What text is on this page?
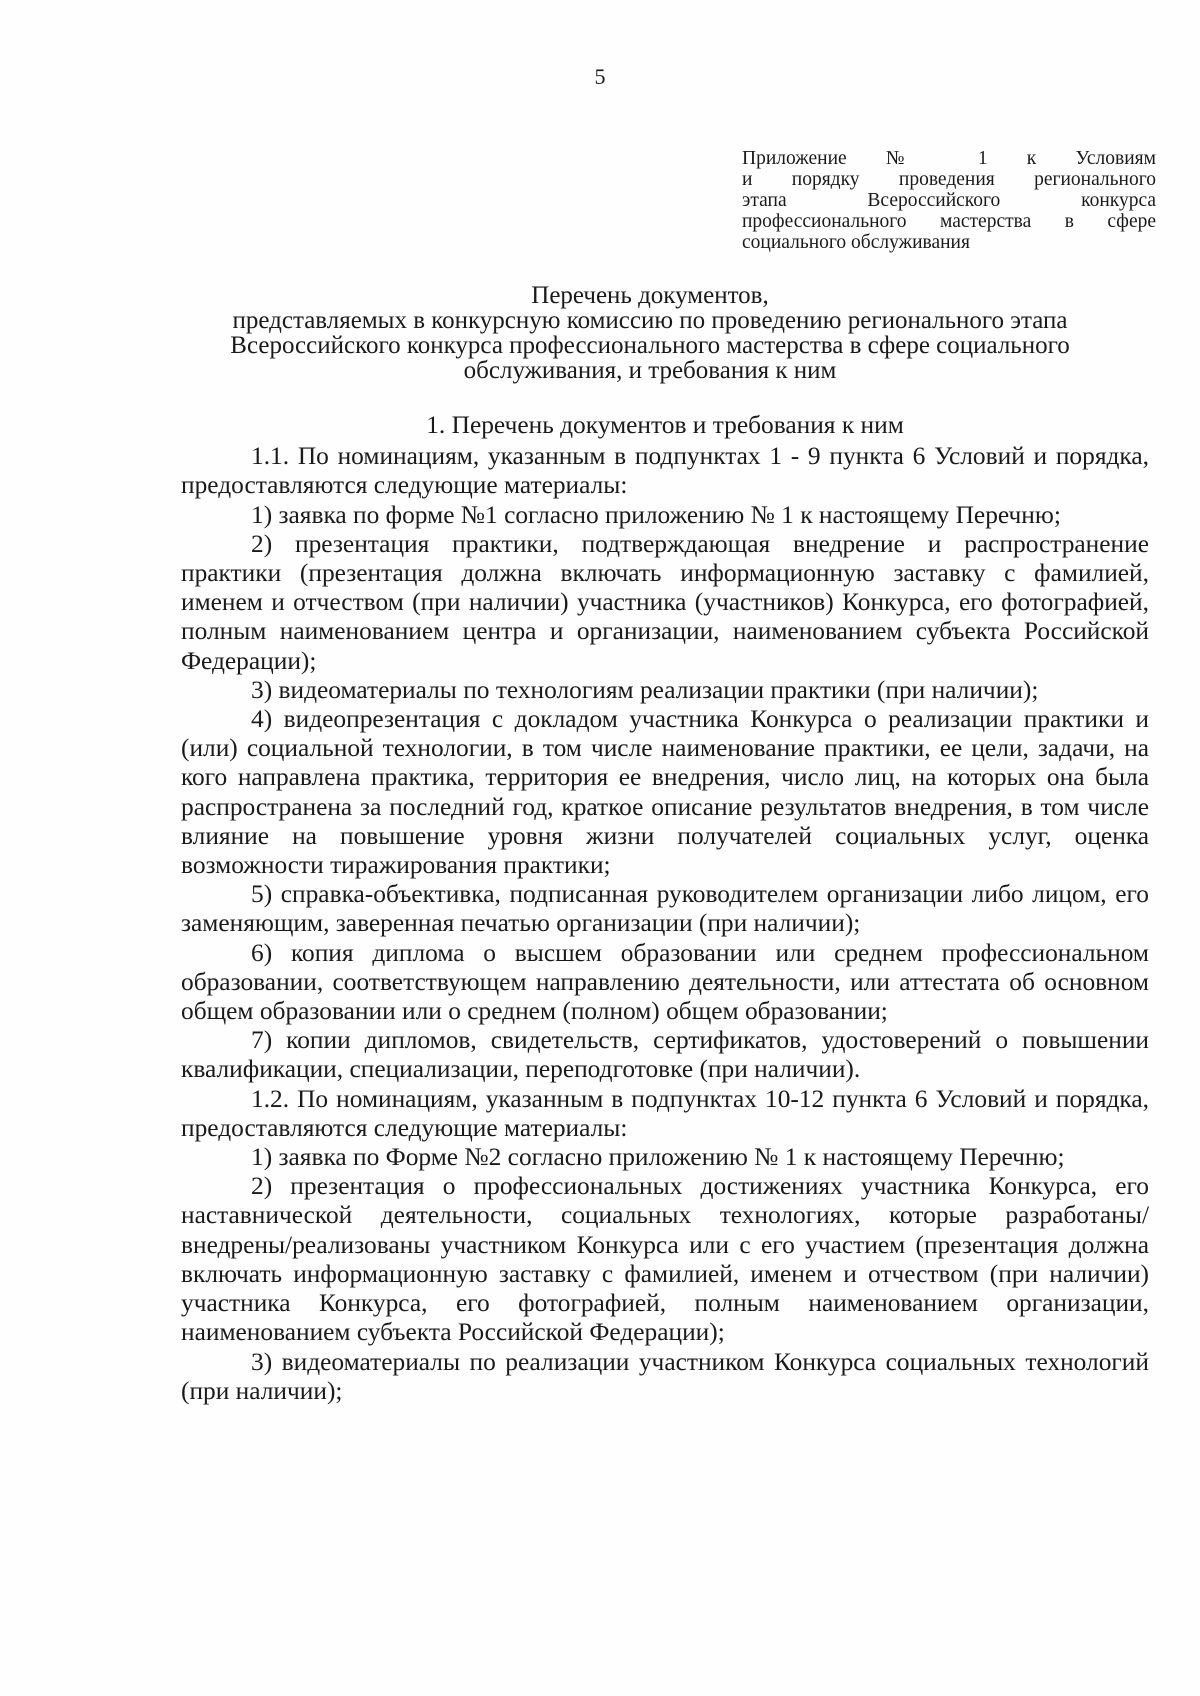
5
Приложение № 1 к Условиям
и порядку проведения регионального
этапа Всероссийского конкурса
профессионального мастерства в сфере
социального обслуживания
Перечень документов,
представляемых в конкурсную комиссию по проведению регионального этапа
Всероссийского конкурса профессионального мастерства в сфере социального
обслуживания, и требования к ним
1. Перечень документов и требования к ним

1.1. По номинациям, указанным в подпунктах 1 - 9 пункта 6 Условий и порядка, предоставляются следующие материалы:

1) заявка по форме №1 согласно приложению № 1 к настоящему Перечню;

2) презентация практики, подтверждающая внедрение и распространение практики (презентация должна включать информационную заставку с фамилией, именем и отчеством (при наличии) участника (участников) Конкурса, его фотографией, полным наименованием центра и организации, наименованием субъекта Российской Федерации);

3) видеоматериалы по технологиям реализации практики (при наличии);

4) видеопрезентация с докладом участника Конкурса о реализации практики и (или) социальной технологии, в том числе наименование практики, ее цели, задачи, на кого направлена практика, территория ее внедрения, число лиц, на которых она была распространена за последний год, краткое описание результатов внедрения, в том числе влияние на повышение уровня жизни получателей социальных услуг, оценка возможности тиражирования практики;

5) справка-объективка, подписанная руководителем организации либо лицом, его заменяющим, заверенная печатью организации (при наличии);

6) копия диплома о высшем образовании или среднем профессиональном образовании, соответствующем направлению деятельности, или аттестата об основном общем образовании или о среднем (полном) общем образовании;

7) копии дипломов, свидетельств, сертификатов, удостоверений о повышении квалификации, специализации, переподготовке (при наличии).

1.2. По номинациям, указанным в подпунктах 10-12 пункта 6 Условий и порядка, предоставляются следующие материалы:

1) заявка по Форме №2 согласно приложению № 1 к настоящему Перечню;

2) презентация о профессиональных достижениях участника Конкурса, его наставнической деятельности, социальных технологиях, которые разработаны/внедрены/реализованы участником Конкурса или с его участием (презентация должна включать информационную заставку с фамилией, именем и отчеством (при наличии) участника Конкурса, его фотографией, полным наименованием организации, наименованием субъекта Российской Федерации);

3) видеоматериалы по реализации участником Конкурса социальных технологий (при наличии);
